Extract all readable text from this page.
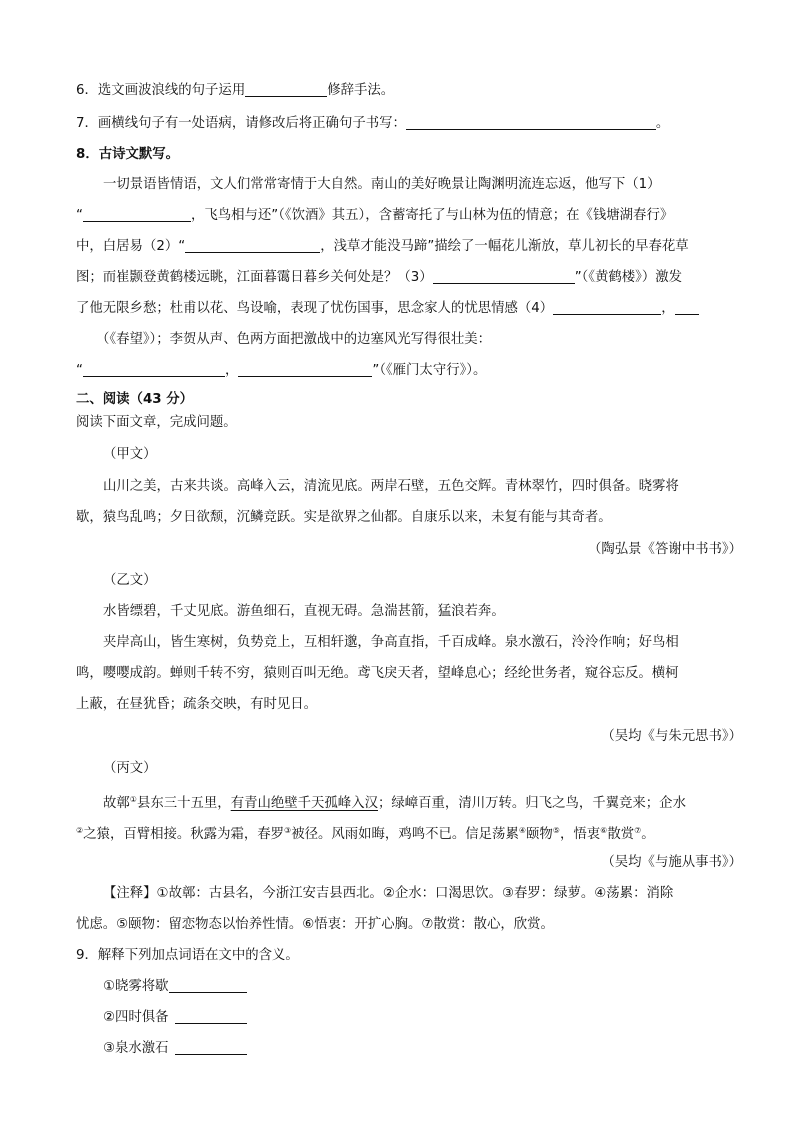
6．选文画波浪线的句子运用	修辞手法。
7．画横线句子有一处语病，请修改后将正确句子书写：	。
8．古诗文默写。
一切景语皆情语，文人们常常寄情于大自然。南山的美好晚景让陶渊明流连忘返，他写下（1）
“	，飞鸟相与还”（《饮酒》其五），含蓄寄托了与山林为伍的情意；在《钱塘湖春行》
中，白居易（2）“	，浅草才能没马蹄”描绘了一幅花儿渐放，草儿初长的早春花草
图；而崔颢登黄鹤楼远眺，江面暮霭日暮乡关何处是？（3）	”（《黄鹤楼》）激发
了他无限乡愁；杜甫以花、鸟设喻，表现了忧伤国事，思念家人的忧思情感（4）	，
（《春望》）；李贺从声、色两方面把激战中的边塞风光写得很壮美：
“	，	”（《雁门太守行》）。
二、阅读（43 分）
阅读下面文章，完成问题。
（甲文）
山川之美，古来共谈。高峰入云，清流见底。两岸石壁，五色交辉。青林翠竹，四时俱备。晓雾将
歇，猿鸟乱鸣；夕日欲颓，沉鳞竞跃。实是欲界之仙都。自康乐以来，未复有能与其奇者。
（陶弘景《答谢中书书》）
（乙文）
水皆缥碧，千丈见底。游鱼细石，直视无碍。急湍甚箭，猛浪若奔。
夹岸高山，皆生寒树，负势竞上，互相轩邈，争高直指，千百成峰。泉水激石，泠泠作响；好鸟相
鸣，嘤嘤成韵。蝉则千转不穷，猿则百叫无绝。鸢飞戾天者，望峰息心；经纶世务者，窥谷忘反。横柯
上蔽，在昼犹昏；疏条交映，有时见日。
（吴均《与朱元思书》）
（丙文）
故鄣①县东三十五里，有青山绝壁千天孤峰入汉；绿嶂百重，清川万转。归飞之鸟，千翼竞来；企水
②之猿，百臂相接。秋露为霜，春罗③被径。风雨如晦，鸡鸣不已。信足荡累④颐物⑤，悟衷⑥散赏⑦。
（吴均《与施从事书》）
【注释】①故鄣：古县名，今浙江安吉县西北。②企水：口渴思饮。③春罗：绿萝。④荡累：消除
忧虑。⑤颐物：留恋物态以怡养性情。⑥悟衷：开扩心胸。⑦散赏：散心，欣赏。
9．解释下列加点词语在文中的含义。
①晓雾将歇
②四时俱备
③泉水激石
